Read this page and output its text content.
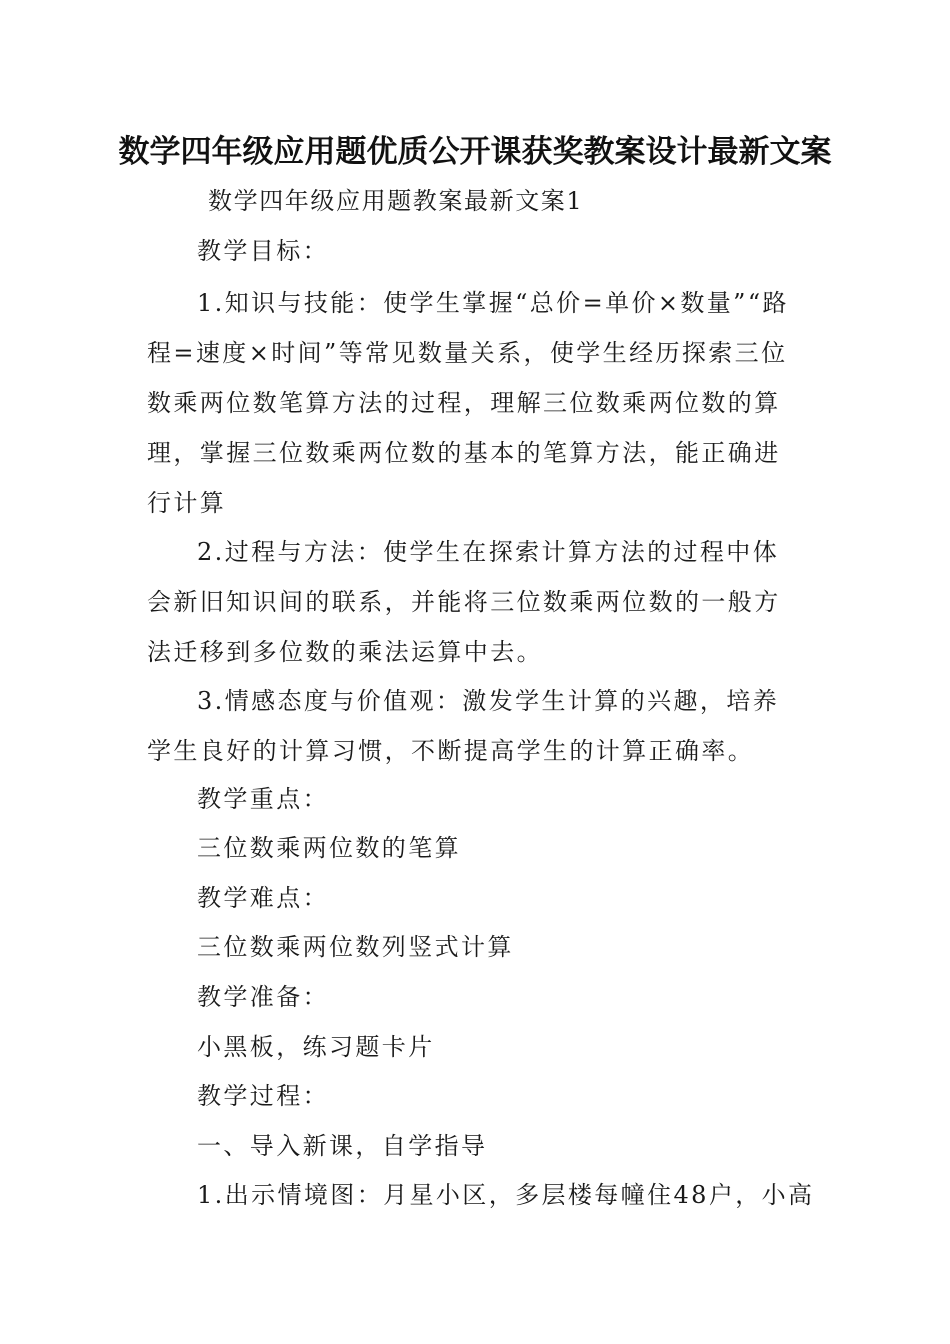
数学四年级应用题优质公开课获奖教案设计最新文案
数学四年级应用题教案最新文案1
教学目标：
1.知识与技能：使学生掌握“总价=单价×数量”“路程=速度×时间”等常见数量关系，使学生经历探索三位数乘两位数笔算方法的过程，理解三位数乘两位数的算理，掌握三位数乘两位数的基本的笔算方法，能正确进行计算
2.过程与方法：使学生在探索计算方法的过程中体会新旧知识间的联系，并能将三位数乘两位数的一般方法迁移到多位数的乘法运算中去。
3.情感态度与价值观：激发学生计算的兴趣，培养学生良好的计算习惯，不断提高学生的计算正确率。
教学重点：
三位数乘两位数的笔算
教学难点：
三位数乘两位数列竖式计算
教学准备：
小黑板，练习题卡片
教学过程：
一、导入新课，自学指导
1.出示情境图：月星小区，多层楼每幢住48户，小高
